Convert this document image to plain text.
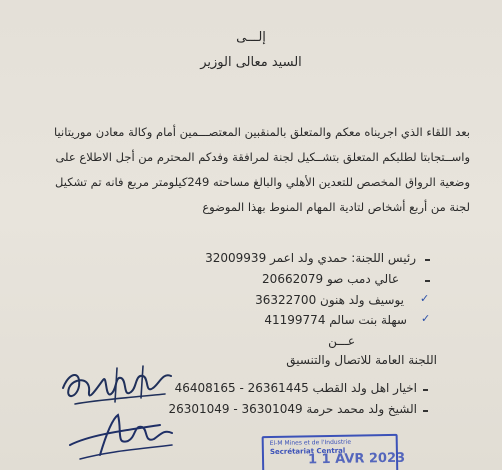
إلـــى
السيد معالى الوزير
بعد اللقاء الذي اجريناه معكم والمتعلق بالمنقبين المعتصـــمين أمام وكالة معادن موريتانيا
واســتجابتا لطلبكم المتعلق بتشــكيل لجنة لمرافقة وفدكم المحترم من أجل الاطلاع على
وضعية الرواق المخصص للتعدين الأهلي والبالغ مساحته 249كيلومتر مربع فانه تم تشكيل
لجنة من أربع أشخاص لتادية المهام المنوط بهذا الموضوع
رئيس اللجنة: حمدي ولد اعمر 32009939
عالي دمب صو 20662079
✓
يوسيف ولد هنون 36322700
✓
سهلة بنت سالم 41199774
عـــن
اللجنة العامة للاتصال والتنسيق
اخيار اهل ولد القطب 26361445 - 46408165
الشيخ ولد محمد حرمة 36301049 - 26301049
El-M Mines et de l'Industrie
Secrétariat Central
1 1 AVR 2023
